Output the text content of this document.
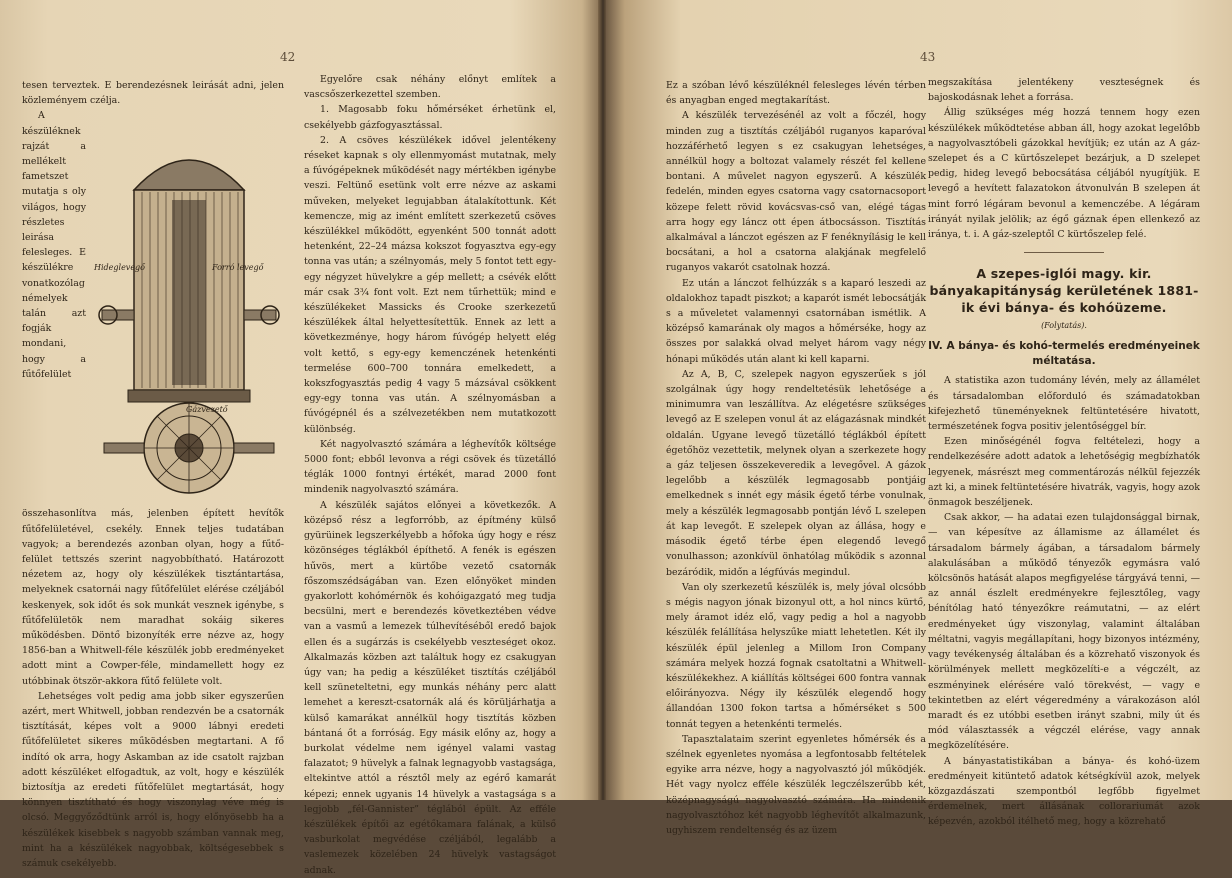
42

tesen terveztek. E berendezésnek leirását adni, jelen közleményem czélja.

Hideglevegő	Forró levegő
Gázvezető

A készüléknek rajzát a mellékelt fametszet mutatja s oly világos, hogy részletes leirása felesleges. E készülékre vonatkozólag némelyek talán azt fogják mondani, hogy a fűtőfelület összehasonlítva más, jelenben épített hevítők fűtőfelületével, csekély. Ennek teljes tudatában vagyok; a berendezés azonban olyan, hogy a fűtő-felület tettszés szerint nagyobbítható. Határozott nézetem az, hogy oly készülékek tisztántartása, melyeknek csatornái nagy fűtőfelület elérése czéljából keskenyek, sok időt és sok munkát vesznek igénybe, s fűtőfelületök nem maradhat sokáig sikeres működésben. Döntő bizonyíték erre nézve az, hogy 1856-ban a Whitwell-féle készülék jobb eredményeket adott mint a Cowper-féle, mindamellett hogy ez utóbbinak ötször-akkora fűtő felülete volt.

Lehetséges volt pedig ama jobb siker egyszerűen azért, mert Whitwell, jobban rendezvén be a csatornák tisztítását, képes volt a 9000 lábnyi eredeti fűtőfelületet sikeres működésben megtartani. A fő indító ok arra, hogy Askamban az ide csatolt rajzban adott készüléket elfogadtuk, az volt, hogy e készülék biztosítja az eredeti fűtőfelület megtartását, hogy könnyen tisztítható és hogy viszonylag véve még is olcsó. Meggyőződtünk arról is, hogy előnyösebb ha a készülékek kisebbek s nagyobb számban vannak meg, mint ha a készülékek nagyobbak, költségesebbek s számuk csekélyebb.

Egyelőre csak néhány előnyt említek a vascsőszerkezettel szemben.

1. Magosabb foku hőmérséket érhetünk el, csekélyebb gázfogyasztással.

2. A csöves készülékek idővel jelentékeny réseket kapnak s oly ellenmyomást mutatnak, mely a fúvógépeknek működését nagy mértékben igénybe veszi. Feltünő esetünk volt erre nézve az askami műveken, melyeket legujabban átalakítottunk. Két kemencze, mig az imént említett szerkezetű csöves készülékkel működött, egyenként 500 tonnát adott hetenként, 22–24 mázsa kokszot fogyasztva egy-egy tonna vas után; a szélnyomás, mely 5 fontot tett egy-egy négyzet hüvelykre a gép mellett; a csévék előtt már csak 3¾ font volt. Ezt nem tűrhettük; mind e készülékeket Massicks és Crooke szerkezetű készülékek által helyettesítettük. Ennek az lett a következménye, hogy három fúvógép helyett elég volt kettő, s egy-egy kemenczének hetenkénti termelése 600–700 tonnára emelkedett, a kokszfogyasztás pedig 4 vagy 5 mázsával csökkent egy-egy tonna vas után. A szélnyomásban a fúvógépnél és a szélvezetékben nem mutatkozott különbség.

Két nagyolvasztó számára a léghevítők költsége 5000 font; ebből levonva a régi csövek és tüzetálló téglák 1000 fontnyi értékét, marad 2000 font mindenik nagyolvasztó számára.

A készülék sajátos előnyei a következők. A középső rész a legforróbb, az építmény külső gyürüinek legszerkélyebb a hőfoka úgy hogy e rész közönséges téglákból építhető. A fenék is egészen hűvös, mert a kürtőbe vezető csatornák főszomszédságában van. Ezen előnyöket minden gyakorlott kohómérnök és kohóigazgató meg tudja becsülni, mert e berendezés következtében védve van a vasmű a lemezek túlhevítéséből eredő bajok ellen és a sugárzás is csekélyebb veszteséget okoz. Alkalmazás közben azt találtuk hogy ez csakugyan úgy van; ha pedig a készüléket tisztítás czéljából kell szüneteltetni, egy munkás néhány perc alatt lemehet a kereszt-csatornák alá és körüljárhatja a külső kamarákat annélkül hogy tisztítás közben bántaná őt a forróság. Egy másik előny az, hogy a burkolat védelme nem igényel valami vastag falazatot; 9 hüvelyk a falnak legnagyobb vastagsága, eltekintve attól a résztől mely az egérő kamarát képezi; ennek ugyanis 14 hüvelyk a vastagsága s a legjobb „fél-Gannister” téglából épült. Az efféle készülékek építői az egétőkamara falának, a külső vasburkolat megvédése czéljából, legalább a vaslemezek közelében 24 hüvelyk vastagságot adnak.

43

Ez a szóban lévő készüléknél felesleges lévén térben és anyagban enged megtakarítást.

A készülék tervezésénél az volt a főczél, hogy minden zug a tisztítás czéljából ruganyos kaparóval hozzáférhető legyen s ez csakugyan lehetséges, annélkül hogy a boltozat valamely részét fel kellene bontani. A művelet nagyon egyszerű. A készülék fedelén, minden egyes csatorna vagy csatornacsoport közepe felett rövid kovácsvas-cső van, elégé tágas arra hogy egy láncz ott épen átbocsásson. Tisztítás alkalmával a lánczot egészen az F fenéknyílásig le kell bocsátani, a hol a csatorna alakjának megfelelő ruganyos vakarót csatolnak hozzá.

Ez után a lánczot felhúzzák s a kaparó leszedi az oldalokhoz tapadt piszkot; a kaparót ismét lebocsátják s a műveletet valamennyi csatornában ismétlik. A középső kamarának oly magos a hőmérséke, hogy az összes por salakká olvad melyet három vagy négy hónapi működés után alant ki kell kaparni.

Az A, B, C, szelepek nagyon egyszerűek s jól szolgálnak úgy hogy rendeltetésük lehetősége a minimumra van leszállítva. Az elégetésre szükséges levegő az E szelepen vonul át az elágazásnak mindkét oldalán. Ugyane levegő tüzetálló téglákból épített égetőhöz vezettetik, melynek olyan a szerkezete hogy a gáz teljesen összekeveredik a levegővel. A gázok legelőbb a készülék legmagosabb pontjáig emelkednek s innét egy másik égető térbe vonulnak, mely a készülék legmagosabb pontján lévő L szelepen át kap levegőt. E szelepek olyan az állása, hogy e második égető térbe épen elegendő levegő vonulhasson; azonkívül önhatólag működik s azonnal bezáródik, midőn a légfúvás megindul.

Van oly szerkezetű készülék is, mely jóval olcsóbb s mégis nagyon jónak bizonyul ott, a hol nincs kürtő, mely áramot idéz elő, vagy pedig a hol a nagyobb készülék felállítása helyszűke miatt lehetetlen. Két ily készülék épül jelenleg a Millom Iron Company számára melyek hozzá fognak csatoltatni a Whitwell-készülékekhez. A kiállítás költségei 600 fontra vannak előirányozva. Négy ily készülék elegendő hogy állandóan 1300 fokon tartsa a hőmérséket s 500 tonnát tegyen a hetenkénti termelés.

Tapasztalataim szerint egyenletes hőmérsék és a szélnek egyenletes nyomása a legfontosabb feltételek egyike arra nézve, hogy a nagyolvasztó jól működjék. Hét vagy nyolcz efféle készülék legczélszerűbb két, középnagyságú nagyolvasztó számára. Ha mindenik nagyolvasztóhoz két nagyobb léghevítőt alkalmazunk, ugyhiszem rendeltenség és az üzem

megszakítása jelentékeny veszteségnek és bajoskodásnak lehet a forrása.

Állig szükséges még hozzá tennem hogy ezen készülékek működtetése abban áll, hogy azokat legelőbb a nagyolvasztóbeli gázokkal hevítjük; ez után az A gáz-szelepet és a C kürtőszelepet bezárjuk, a D szelepet pedig, hideg levegő bebocsátása céljából nyugítjük. E levegő a hevített falazatokon átvonulván B szelepen át mint forró légáram bevonul a kemenczébe. A légáram irányát nyilak jelölik; az égő gáznak épen ellenkező az iránya, t. i. A gáz-szeleptől C kürtőszelep felé.

A szepes-iglói magy. kir. bányakapitányság kerületének 1881-ik évi bánya- és kohóüzeme.
(Folytatás).
IV. A bánya- és kohó-termelés eredményeinek méltatása.

A statistika azon tudomány lévén, mely az államélet és társadalomban előforduló és számadatokban kifejezhető tüneményeknek feltüntetésére hivatott, természetének fogva positiv jelentőséggel bír.

Ezen minőségénél fogva feltételezi, hogy a rendelkezésére adott adatok a lehetőségig megbízhatók legyenek, másrészt meg commentározás nélkül fejezzék azt ki, a minek feltüntetésére hivatrák, vagyis, hogy azok önmagok beszéljenek.

Csak akkor, — ha adatai ezen tulajdonsággal birnak, — van képesítve az államisme az államélet és társadalom bármely ágában, a társadalom bármely alakulásában a működő tényezők egymásra való kölcsönös hatását alapos megfigyelése tárgyává tenni, — az annál észlelt eredményekre fejlesztőleg, vagy bénítólag ható tényezőkre reámutatni, — az elért eredményeket úgy viszonylag, valamint általában méltatni, vagyis megállapítani, hogy bizonyos intézmény, vagy tevékenység általában és a közrehatő viszonyok és körülmények mellett megközelíti-e a végczélt, az eszményinek elérésére való törekvést, — vagy e tekintetben az elért végeredmény a várakozáson alól maradt és ez utóbbi esetben irányt szabni, mily út és mód választassék a végczél elérése, vagy annak megközelítésére.

A bányastatistikában a bánya- és kohó-üzem eredményeit kitüntető adatok kétségkívül azok, melyek közgazdászati szempontból legfőbb figyelmet érdemelnek, mert állásának collorariumát azok képezvén, azokból itélhető meg, hogy a közrehatő
